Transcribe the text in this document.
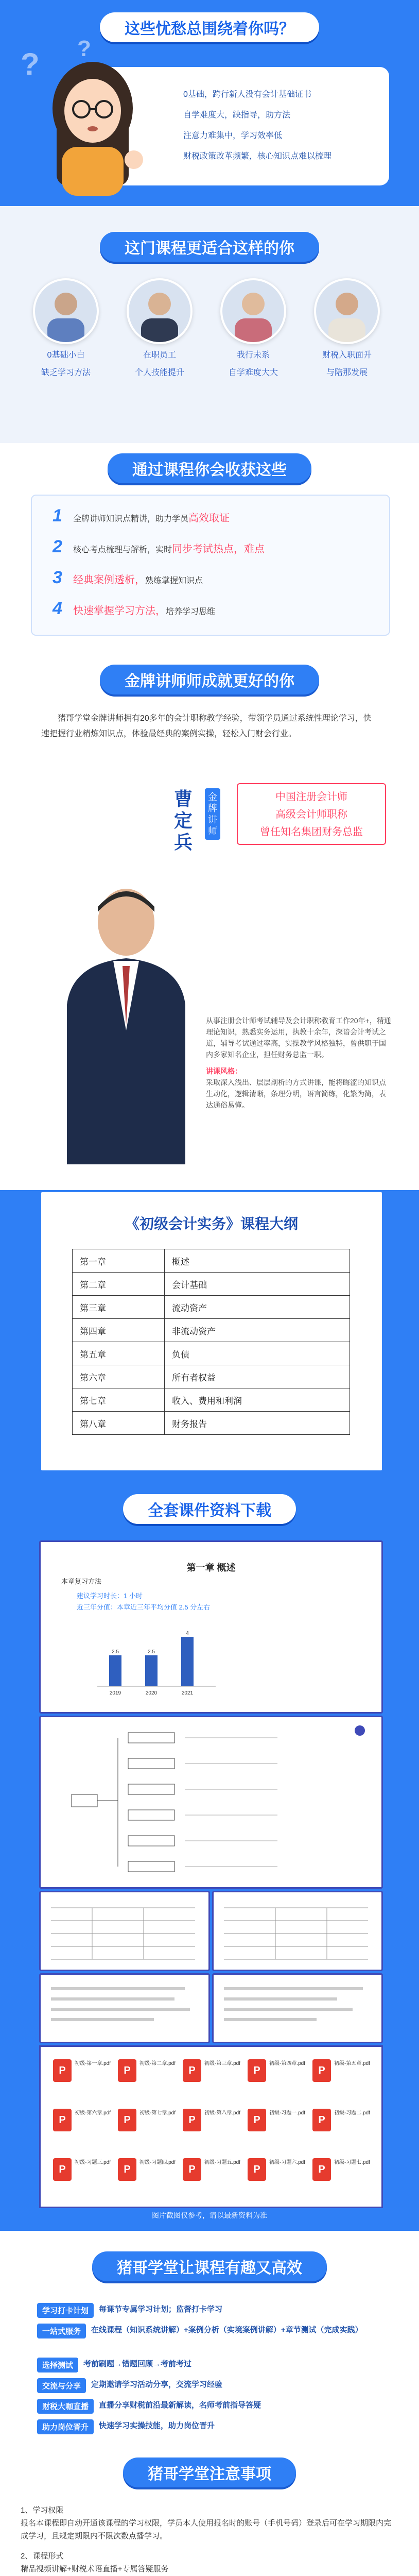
这些忧愁总围绕着你吗？
? ?
0基础，跨行新人没有会计基础证书
自学难度大，缺指导，助方法
注意力难集中，学习效率低
财税政策改革频繁，核心知识点难以梳理
这门课程更适合这样的你
0基础小白
缺乏学习方法
在职员工
个人技能提升
我行未系
自学难度大大
财税入职面升
与陪那发展
通过课程你会收获这些
1	全牌讲师知识点精讲，助力学员 高效取证
2	核心考点梳理与解析，实时 同步考试热点，难点
3	经典案例透析， 熟练掌握知识点
4	快速掌握学习方法， 培养学习思维
金牌讲师师成就更好的你
猪哥学堂金牌讲师拥有20多年的会计职称教学经验，带领学员通过系统性理论学习，快速把握行业精炼知识点，体验最经典的案例实操，轻松入门财会行业。
曹定兵
金牌讲师
中国注册会计师
高级会计师职称
曾任知名集团财务总监
从事注册会计师考试辅导及会计职称教育工作20年+，精通理论知识，熟悉实务运用，执教十余年，深谙会计考试之道，辅导考试通过率高，实操教学风格独特，曾供职于国内多家知名企业，担任财务总监一职。
讲课风格：
采取深入浅出、层层剖析的方式讲课，能将晦涩的知识点生动化，逻辑清晰，条理分明，语言简练，化繁为简，表达通俗易懂。
《初级会计实务》课程大纲
第一章	概述
第二章	会计基础
第三章	流动资产
第四章	非流动资产
第五章	负债
第六章	所有者权益
第七章	收入、费用和利润
第八章	财务报告
全套课件资料下载
第一章 概述
本章复习方法
建议学习时长：1 小时
近三年分值：本章近三年平均分值 2.5 分左右
2.5
2019
2.5
2020
4
2021
P
初级-第一章.pdf
P
初级-第二章.pdf
P
初级-第三章.pdf
P
初级-第四章.pdf
P
初级-第五章.pdf
P
初级-第六章.pdf
P
初级-第七章.pdf
P
初级-第八章.pdf
P
初级-习题一.pdf
P
初级-习题二.pdf
P
初级-习题三.pdf
P
初级-习题四.pdf
P
初级-习题五.pdf
P
初级-习题六.pdf
P
初级-习题七.pdf
图片截图仅参考，请以最新资料为准
猪哥学堂让课程有趣又高效
学习打卡计划	每课节专属学习计划；监督打卡学习
一站式服务	在线课程（知识系统讲解）+案例分析（实境案例讲解）+章节测试（完成实践）
选择测试	考前刷题→错题回顾→考前考过
交流与分享	定期邀请学习活动分享，交流学习经验
财税大咖直播	直播分享财税前沿最新解读，名师考前指导答疑
助力岗位晋升	快速学习实操技能，助力岗位晋升
猪哥学堂注意事项
1、学习权限
报名本课程即自动开通该课程的学习权限，学员本人使用报名时的账号（手机号码）登录后可在学习期限内完成学习，且规定期限内不限次数点播学习。
2、课程形式
精品视频讲解+财税术语直播+专属答疑服务
